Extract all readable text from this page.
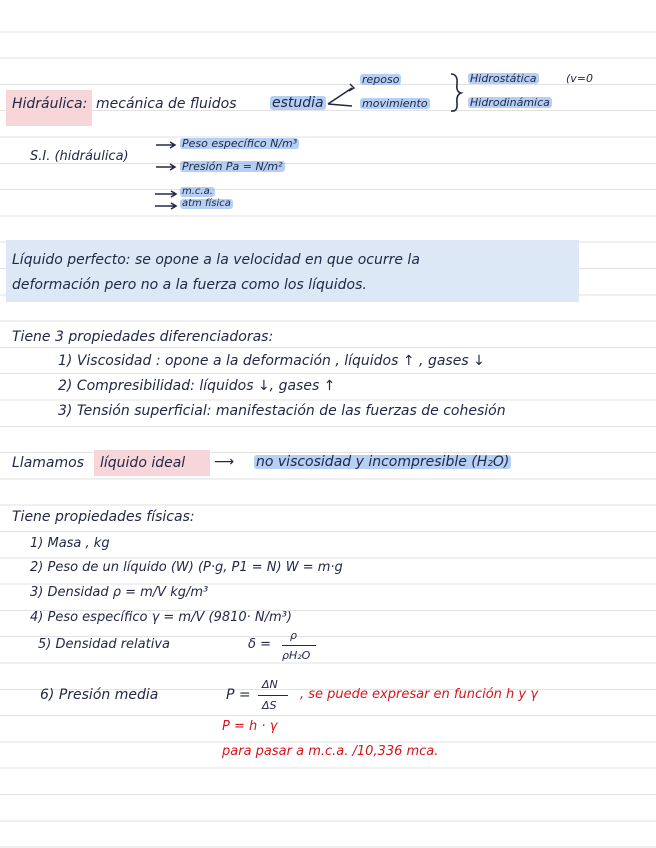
Hidráulica: mecánica de fluidos	estudia
reposo
movimiento
Hidrostática	(v=0
Hidrodinámica
S.I. (hidráulica)
Peso específico N/m³
Presión Pa = N/m²
m.c.a.
atm física
Líquido perfecto: se opone a la velocidad en que ocurre la
deformación pero no a la fuerza como los líquidos.
Tiene 3 propiedades diferenciadoras:
1) Viscosidad : opone a la deformación , líquidos ↑ , gases ↓
2) Compresibilidad: líquidos ↓, gases ↑
3) Tensión superficial: manifestación de las fuerzas de cohesión
Llamamos líquido ideal ⟶ no viscosidad y incompresible (H₂O)
Tiene propiedades físicas:
1) Masa , kg
2) Peso de un líquido (W) (P·g, P1 = N) W = m·g
3) Densidad ρ = m/V kg/m³
4) Peso específico γ = m/V (9810· N/m³)
5) Densidad relativa	δ =
ρ
ρH₂O
6) Presión media	P =
ΔN
ΔS
, se puede expresar en función h y γ
P = h · γ
para pasar a m.c.a. /10,336 mca.
